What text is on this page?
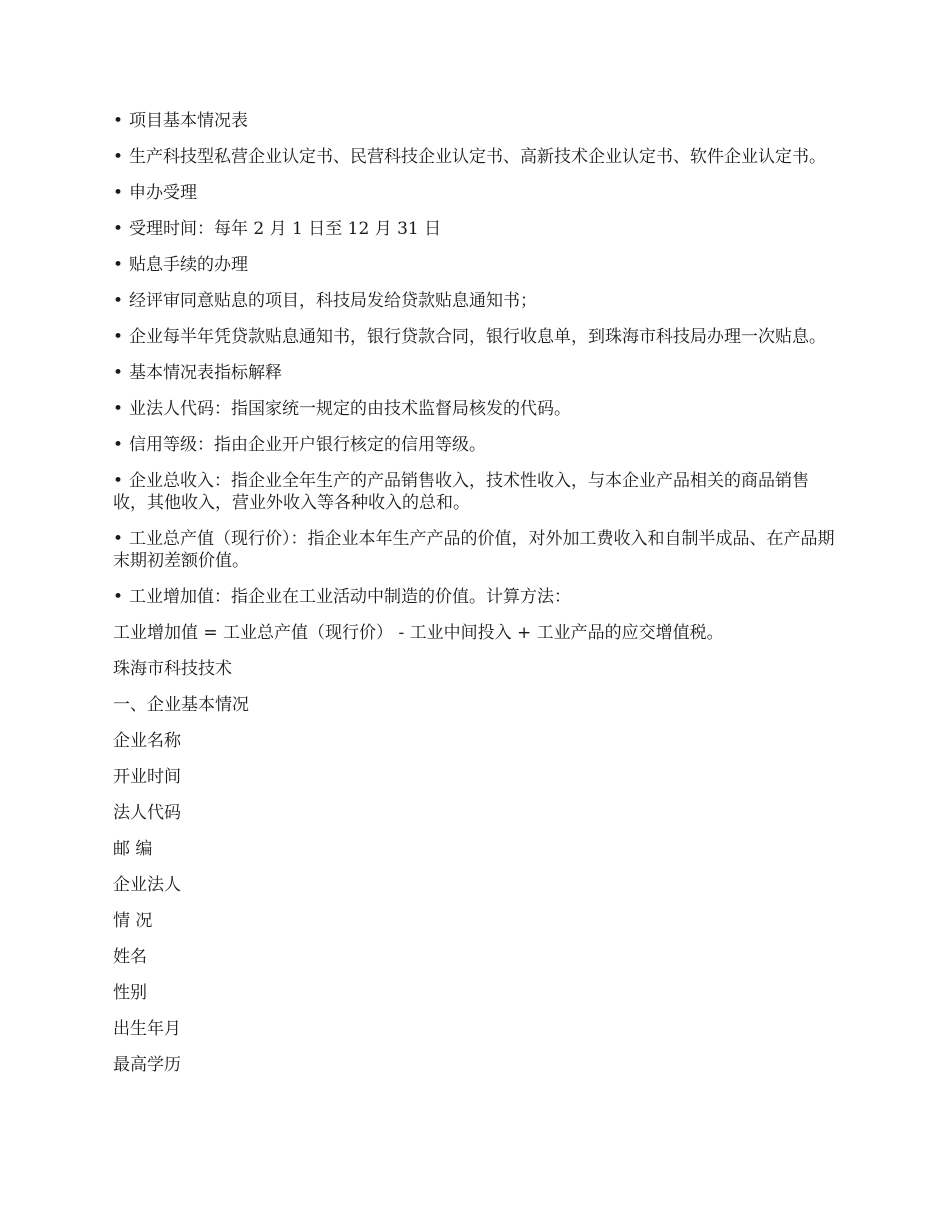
• 项目基本情况表
• 生产科技型私营企业认定书、民营科技企业认定书、高新技术企业认定书、软件企业认定书。
• 申办受理
• 受理时间：每年 2 月 1 日至 12 月 31 日
• 贴息手续的办理
• 经评审同意贴息的项目，科技局发给贷款贴息通知书；
• 企业每半年凭贷款贴息通知书，银行贷款合同，银行收息单，到珠海市科技局办理一次贴息。
• 基本情况表指标解释
• 业法人代码：指国家统一规定的由技术监督局核发的代码。
• 信用等级：指由企业开户银行核定的信用等级。
• 企业总收入：指企业全年生产的产品销售收入，技术性收入，与本企业产品相关的商品销售收，其他收入，营业外收入等各种收入的总和。
• 工业总产值（现行价）：指企业本年生产产品的价值，对外加工费收入和自制半成品、在产品期末期初差额价值。
• 工业增加值：指企业在工业活动中制造的价值。计算方法：
工业增加值 = 工业总产值（现行价） - 工业中间投入 + 工业产品的应交增值税。
珠海市科技技术
一、企业基本情况
企业名称
开业时间
法人代码
邮 编
企业法人
情 况
姓名
性别
出生年月
最高学历
